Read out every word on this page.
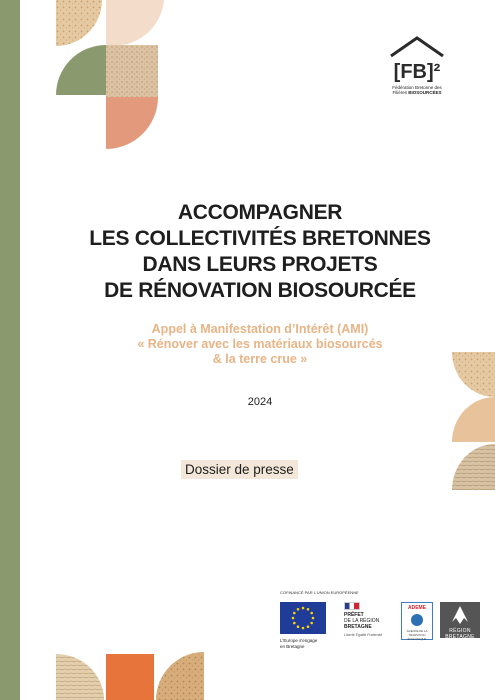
[FB]²
Fédération Bretonne des
Filières BIOSOURCÉES
ACCOMPAGNER
LES COLLECTIVITÉS BRETONNES
DANS LEURS PROJETS
DE RÉNOVATION BIOSOURCÉE
Appel à Manifestation d’Intérêt (AMI)
« Rénover avec les matériaux biosourcés
& la terre crue »
2024
Dossier de presse
COFINANCÉ PAR L'UNION EUROPÉENNE
L'Europe s'engage
en Bretagne
PRÉFET
DE LA RÉGION
BRETAGNE
Liberté Égalité Fraternité
ADEME
AGENCE DE LA TRANSITION ÉCOLOGIQUE
RÉGION BRETAGNE
